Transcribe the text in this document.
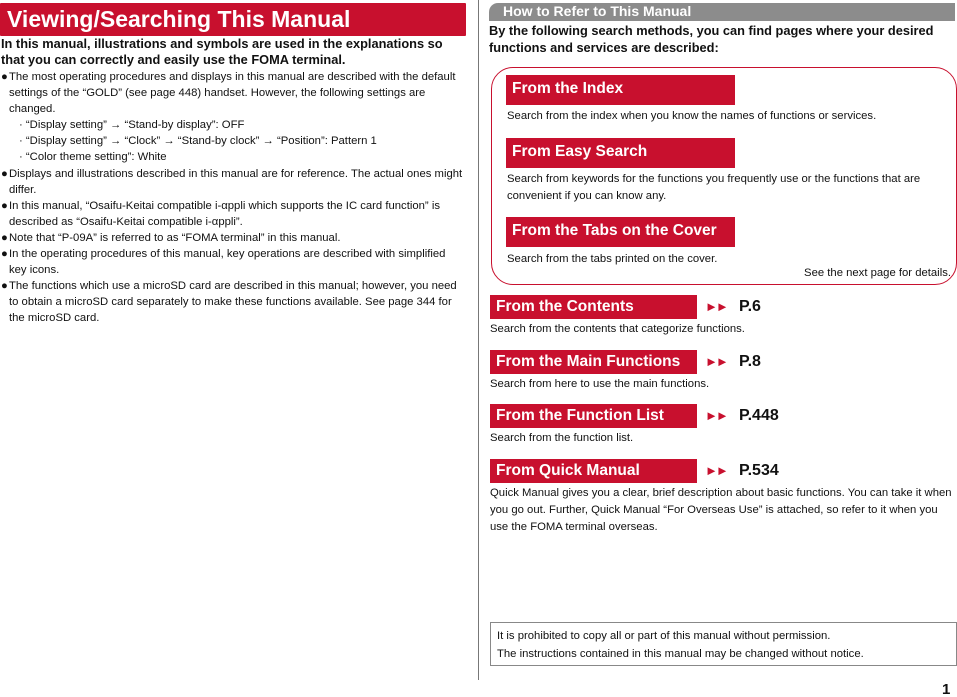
Viewing/Searching This Manual
In this manual, illustrations and symbols are used in the explanations so that you can correctly and easily use the FOMA terminal.
● The most operating procedures and displays in this manual are described with the default settings of the “GOLD” (see page 448) handset. However, the following settings are changed.
· “Display setting” → “Stand-by display”: OFF
· “Display setting” → “Clock” → “Stand-by clock” → “Position”: Pattern 1
· “Color theme setting”: White
● Displays and illustrations described in this manual are for reference. The actual ones might differ.
● In this manual, “Osaifu-Keitai compatible i-αppli which supports the IC card function” is described as “Osaifu-Keitai compatible i-αppli”.
● Note that “P-09A” is referred to as “FOMA terminal” in this manual.
● In the operating procedures of this manual, key operations are described with simplified key icons.
● The functions which use a microSD card are described in this manual; however, you need to obtain a microSD card separately to make these functions available. See page 344 for the microSD card.
How to Refer to This Manual
By the following search methods, you can find pages where your desired functions and services are described:
From the Index
Search from the index when you know the names of functions or services.
From Easy Search
Search from keywords for the functions you frequently use or the functions that are convenient if you can know any.
From the Tabs on the Cover
Search from the tabs printed on the cover.
See the next page for details.
From the Contents	►► P.6
Search from the contents that categorize functions.
From the Main Functions	►► P.8
Search from here to use the main functions.
From the Function List	►► P.448
Search from the function list.
From Quick Manual	►► P.534
Quick Manual gives you a clear, brief description about basic functions. You can take it when you go out. Further, Quick Manual “For Overseas Use” is attached, so refer to it when you use the FOMA terminal overseas.
It is prohibited to copy all or part of this manual without permission.
The instructions contained in this manual may be changed without notice.
1
